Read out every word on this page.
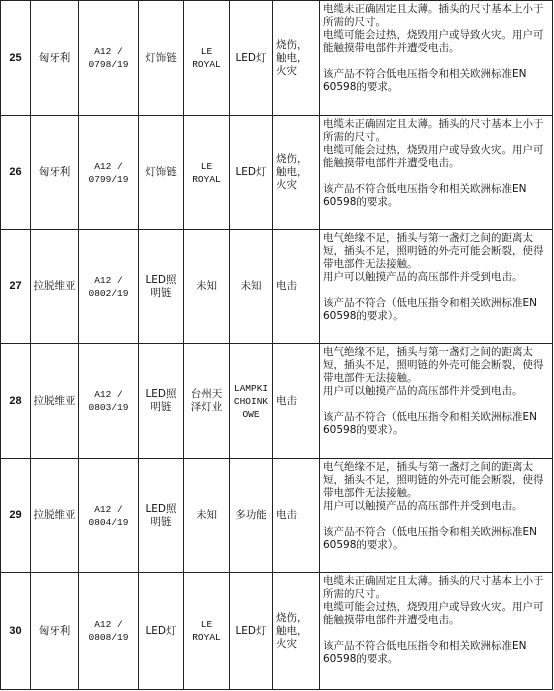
25	匈牙利	A12 /
0798/19	灯饰链	LE
ROYAL	LED灯	烧伤，触电，火灾	电缆未正确固定且太薄。插头的尺寸基本上小于所需的尺寸。
电缆可能会过热，烧毁用户或导致火灾。用户可能触摸带电部件并遭受电击。

该产品不符合低电压指令和相关欧洲标准EN 60598的要求。
26	匈牙利	A12 /
0799/19	灯饰链	LE
ROYAL	LED灯	烧伤，触电，火灾	电缆未正确固定且太薄。插头的尺寸基本上小于所需的尺寸。
电缆可能会过热，烧毁用户或导致火灾。用户可能触摸带电部件并遭受电击。

该产品不符合低电压指令和相关欧洲标准EN 60598的要求。
27	拉脱维亚	A12 /
0802/19	LED照明链	未知	未知	电击	电气绝缘不足，插头与第一盏灯之间的距离太短，插头不足，照明链的外壳可能会断裂，使得带电部件无法接触。
用户可以触摸产品的高压部件并受到电击。

该产品不符合（低电压指令和相关欧洲标准EN 60598的要求）。
28	拉脱维亚	A12 /
0803/19	LED照明链	台州天泽灯业	LAMPKI CHOINKOWE	电击	电气绝缘不足，插头与第一盏灯之间的距离太短，插头不足，照明链的外壳可能会断裂，使得带电部件无法接触。
用户可以触摸产品的高压部件并受到电击。

该产品不符合（低电压指令和相关欧洲标准EN 60598的要求）。
29	拉脱维亚	A12 /
0804/19	LED照明链	未知	多功能	电击	电气绝缘不足，插头与第一盏灯之间的距离太短，插头不足，照明链的外壳可能会断裂，使得带电部件无法接触。
用户可以触摸产品的高压部件并受到电击。

该产品不符合（低电压指令和相关欧洲标准EN 60598的要求）。
30	匈牙利	A12 /
0808/19	LED灯	LE
ROYAL	LED灯	烧伤，触电，火灾	电缆未正确固定且太薄。插头的尺寸基本上小于所需的尺寸。
电缆可能会过热，烧毁用户或导致火灾。用户可能触摸带电部件并遭受电击。

该产品不符合低电压指令和相关欧洲标准EN 60598的要求。
